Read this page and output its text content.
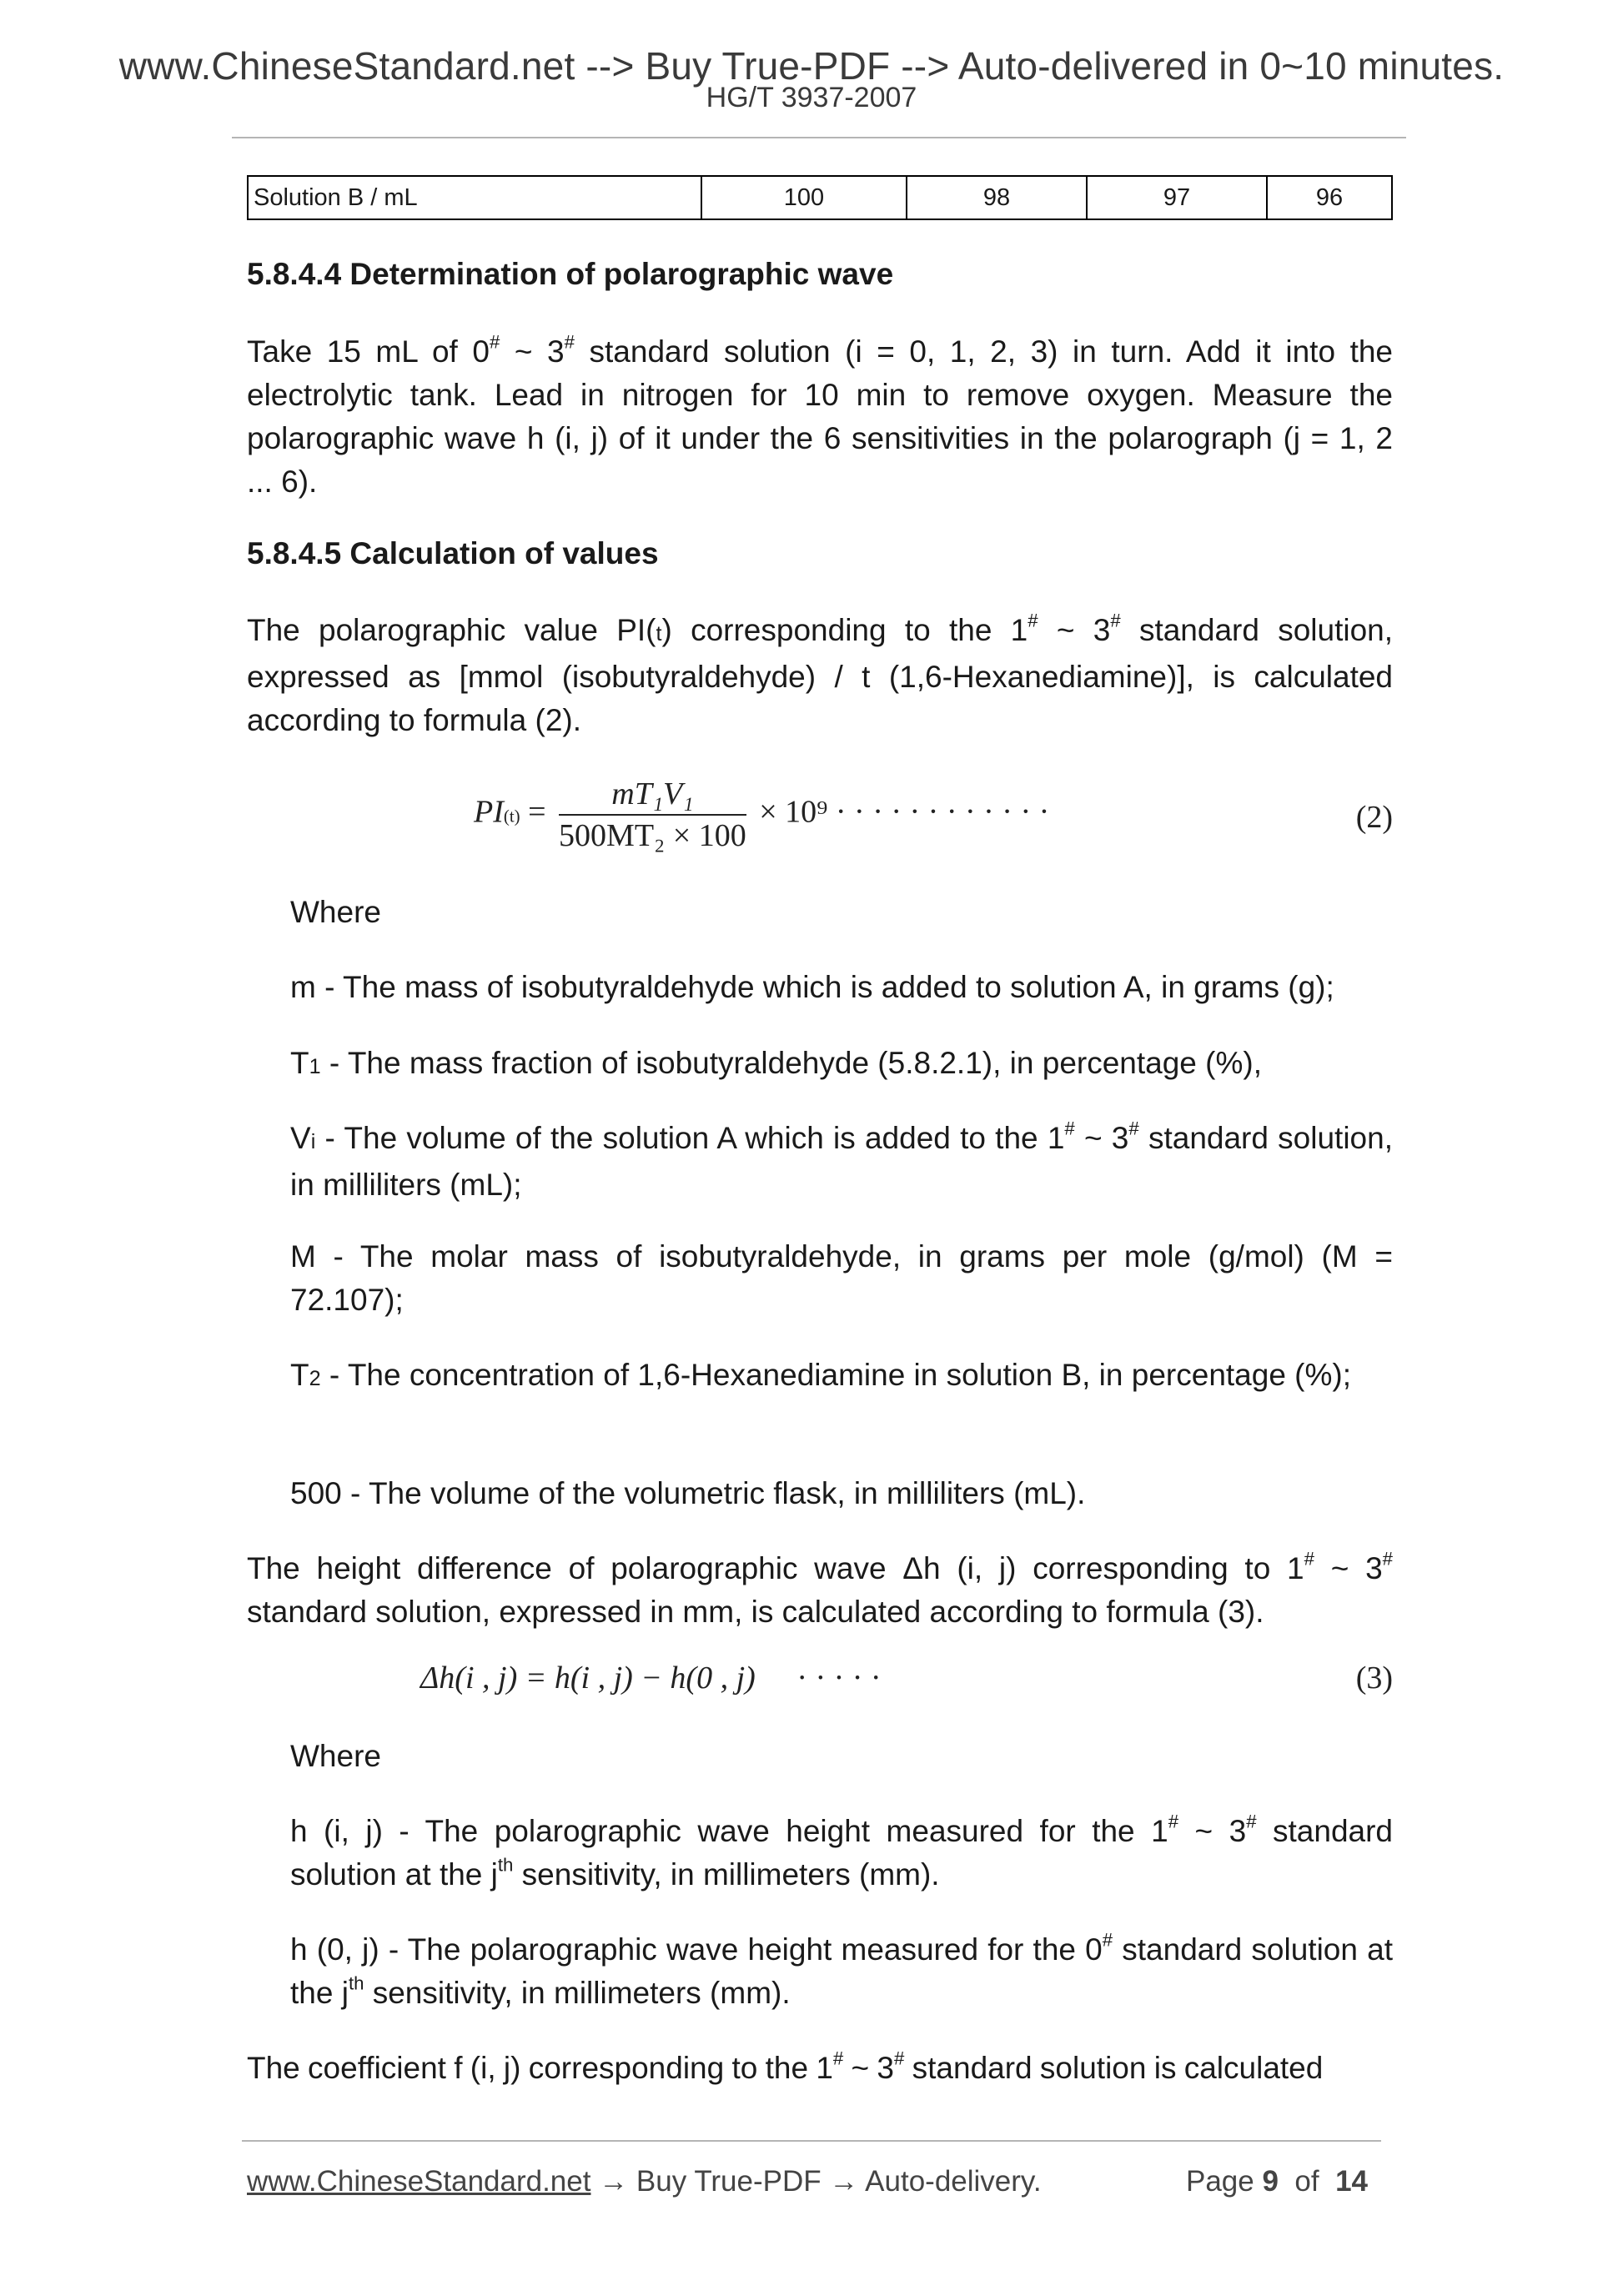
www.ChineseStandard.net --> Buy True-PDF --> Auto-delivered in 0~10 minutes.
HG/T 3937-2007
Solution B / mL	100	98	97	96
5.8.4.4 Determination of polarographic wave
Take 15 mL of 0# ~ 3# standard solution (i = 0, 1, 2, 3) in turn. Add it into the electrolytic tank. Lead in nitrogen for 10 min to remove oxygen. Measure the polarographic wave h (i, j) of it under the 6 sensitivities in the polarograph (j = 1, 2 ... 6).
5.8.4.5 Calculation of values
The polarographic value PI(t) corresponding to the 1# ~ 3# standard solution, expressed as [mmol (isobutyraldehyde) / t (1,6-Hexanediamine)], is calculated according to formula (2).
$PI(t) = \frac{\text{mT₁V₁}}{\text{500MT₂ × 100}} \times 10^9$ · · · · · · · · · · · ·	(2)
Where
m - The mass of isobutyraldehyde which is added to solution A, in grams (g);
T1 - The mass fraction of isobutyraldehyde (5.8.2.1), in percentage (%),
Vi - The volume of the solution A which is added to the 1# ~ 3# standard solution, in milliliters (mL);
M - The molar mass of isobutyraldehyde, in grams per mole (g/mol) (M = 72.107);
T2 - The concentration of 1,6-Hexanediamine in solution B, in percentage (%);
500 - The volume of the volumetric flask, in milliliters (mL).
The height difference of polarographic wave Δh (i, j) corresponding to 1# ~ 3# standard solution, expressed in mm, is calculated according to formula (3).
Δh(i , j) = h(i , j) − h(0 , j) · · · · ·	(3)
Where
h (i, j) - The polarographic wave height measured for the 1# ~ 3# standard solution at the $j^{th}$ sensitivity, in millimeters (mm).
h (0, j) - The polarographic wave height measured for the 0# standard solution at the $j^{th}$ sensitivity, in millimeters (mm).
The coefficient f (i, j) corresponding to the 1# ~ 3# standard solution is calculated
www.ChineseStandard.net → Buy True-PDF → Auto-delivery.	Page 9 of 14
